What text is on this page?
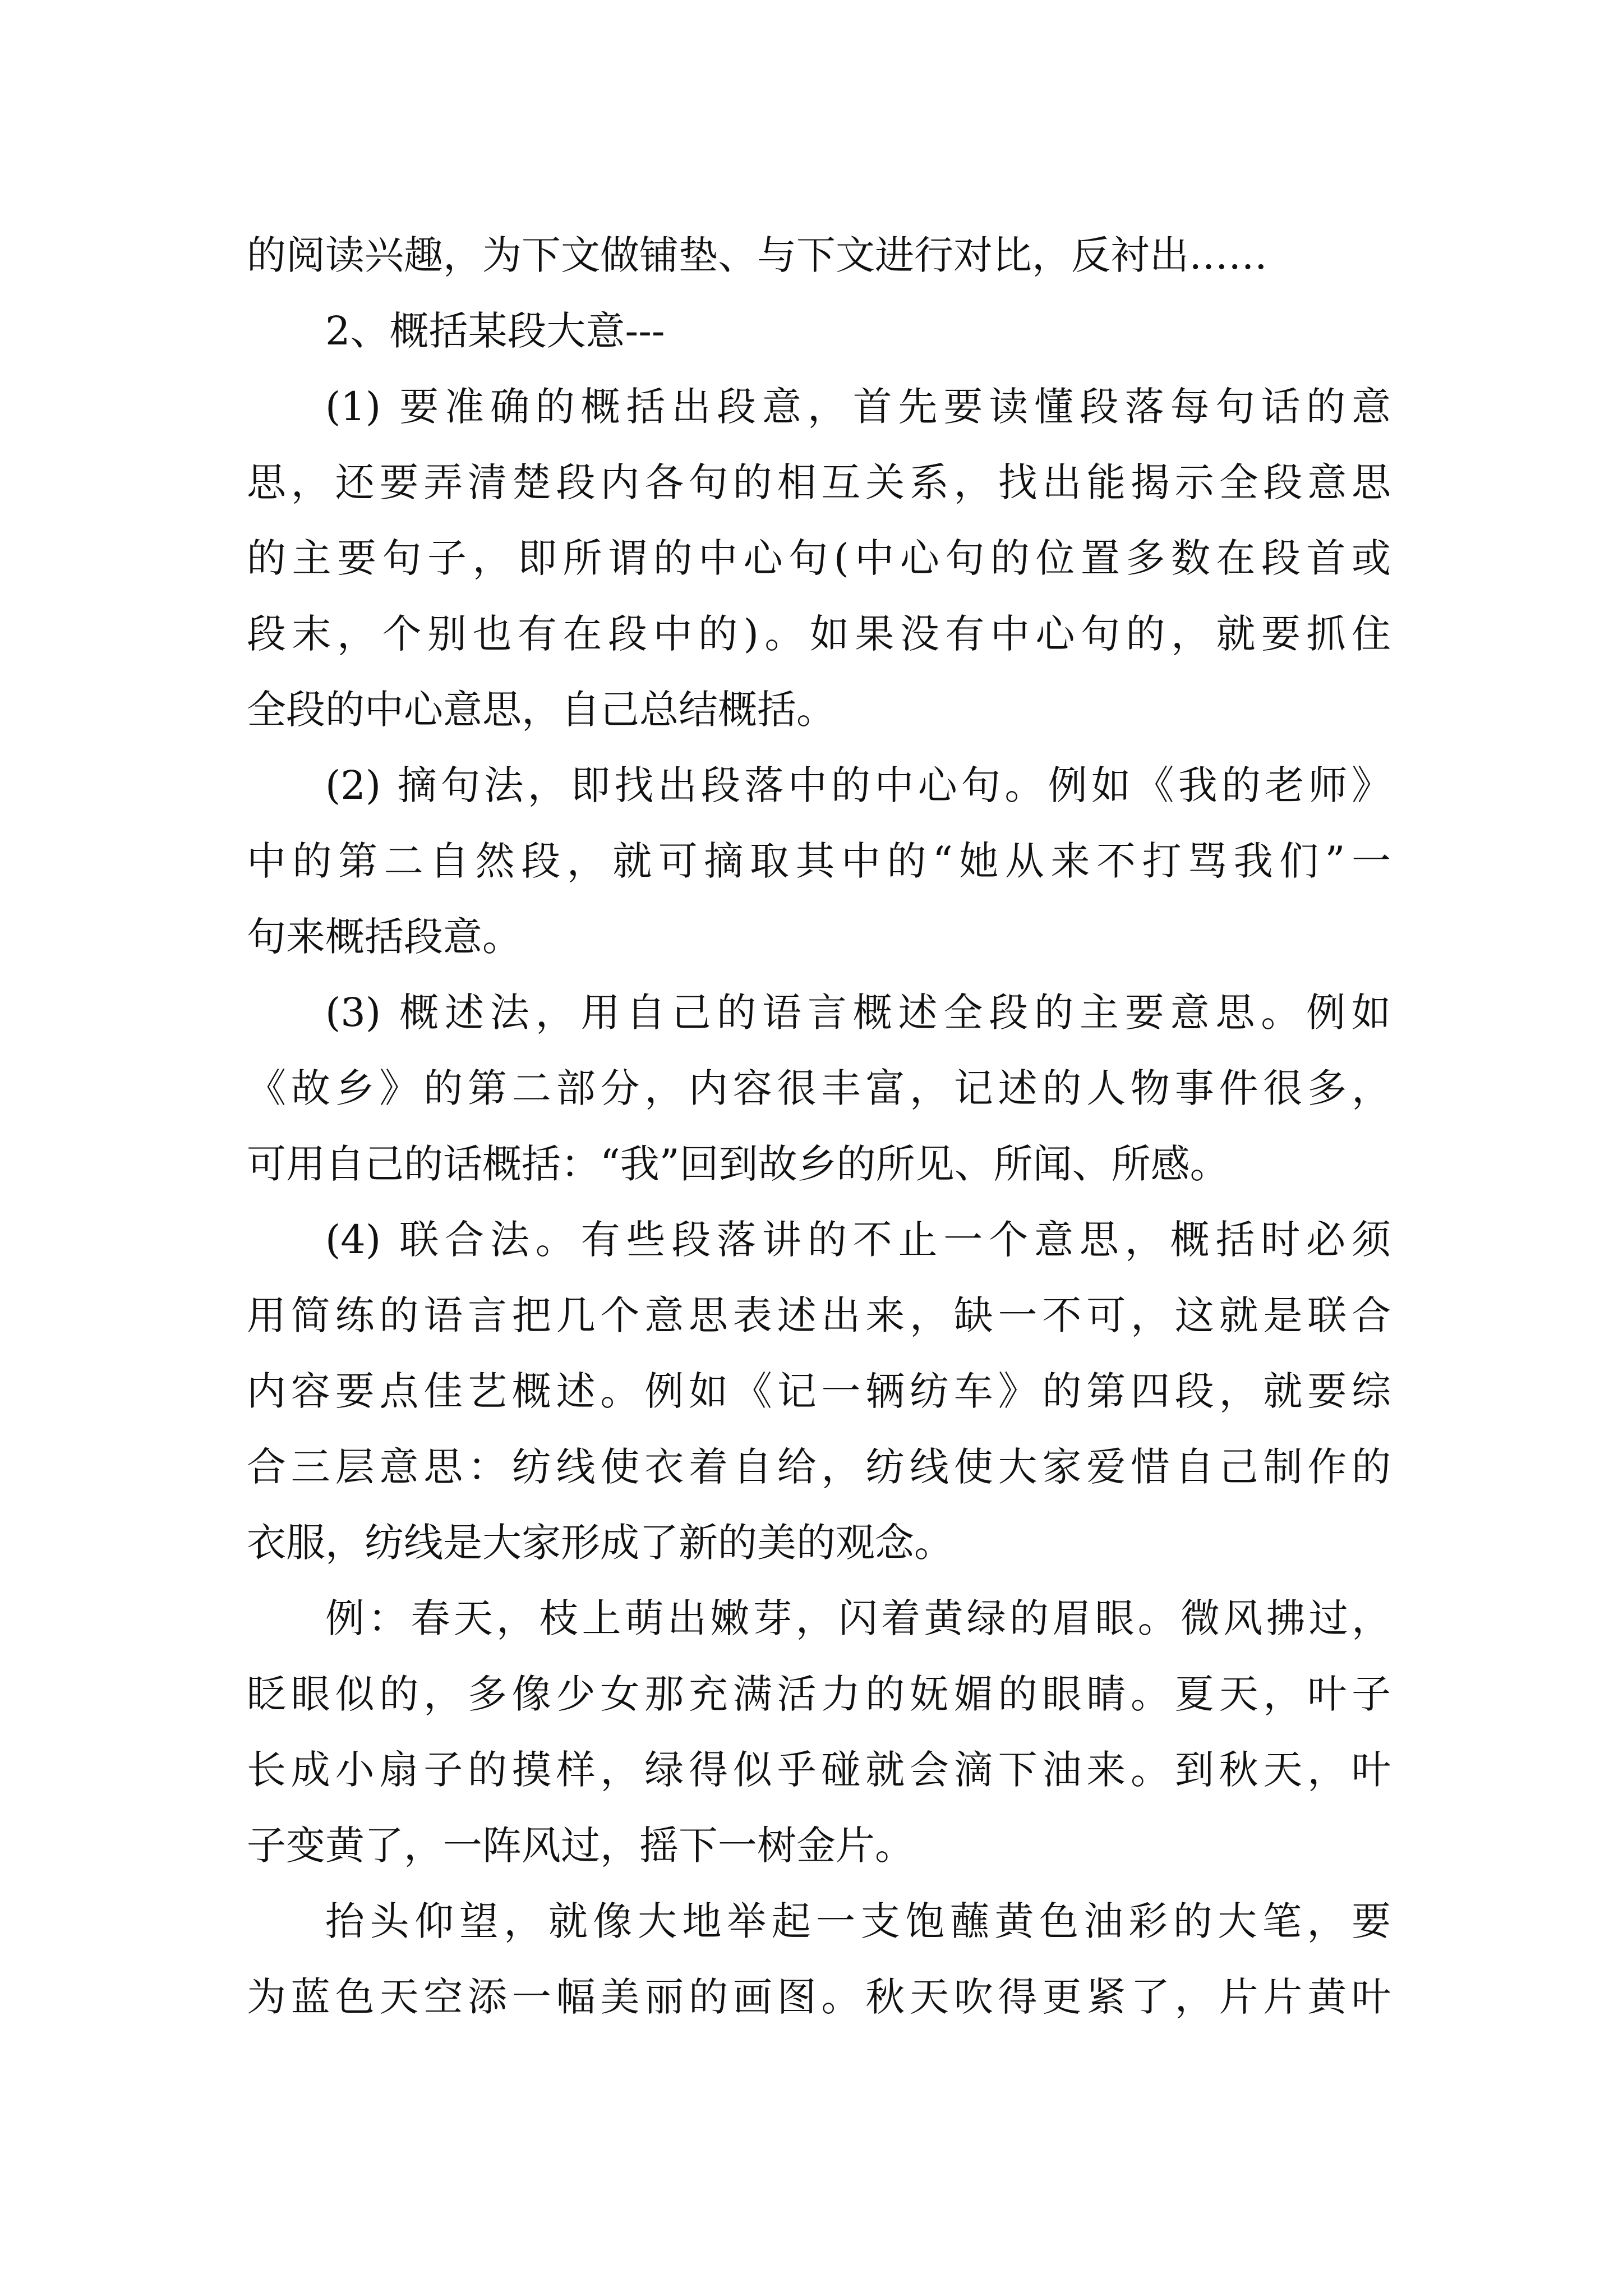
的阅读兴趣，为下文做铺垫、与下文进行对比，反衬出……
2、概括某段大意---
(1) 要准确的概括出段意，首先要读懂段落每句话的意
思，还要弄清楚段内各句的相互关系，找出能揭示全段意思
的主要句子，即所谓的中心句(中心句的位置多数在段首或
段末，个别也有在段中的)。如果没有中心句的，就要抓住
全段的中心意思，自己总结概括。
(2) 摘句法，即找出段落中的中心句。例如《我的老师》
中的第二自然段，就可摘取其中的“她从来不打骂我们”一
句来概括段意。
(3) 概述法，用自己的语言概述全段的主要意思。例如
《故乡》的第二部分，内容很丰富，记述的人物事件很多，
可用自己的话概括：“我”回到故乡的所见、所闻、所感。
(4) 联合法。有些段落讲的不止一个意思，概括时必须
用简练的语言把几个意思表述出来，缺一不可，这就是联合
内容要点佳艺概述。例如《记一辆纺车》的第四段，就要综
合三层意思：纺线使衣着自给，纺线使大家爱惜自己制作的
衣服，纺线是大家形成了新的美的观念。
例：春天，枝上萌出嫩芽，闪着黄绿的眉眼。微风拂过，
眨眼似的，多像少女那充满活力的妩媚的眼睛。夏天，叶子
长成小扇子的摸样，绿得似乎碰就会滴下油来。到秋天，叶
子变黄了，一阵风过，摇下一树金片。
抬头仰望，就像大地举起一支饱蘸黄色油彩的大笔，要
为蓝色天空添一幅美丽的画图。秋天吹得更紧了，片片黄叶
